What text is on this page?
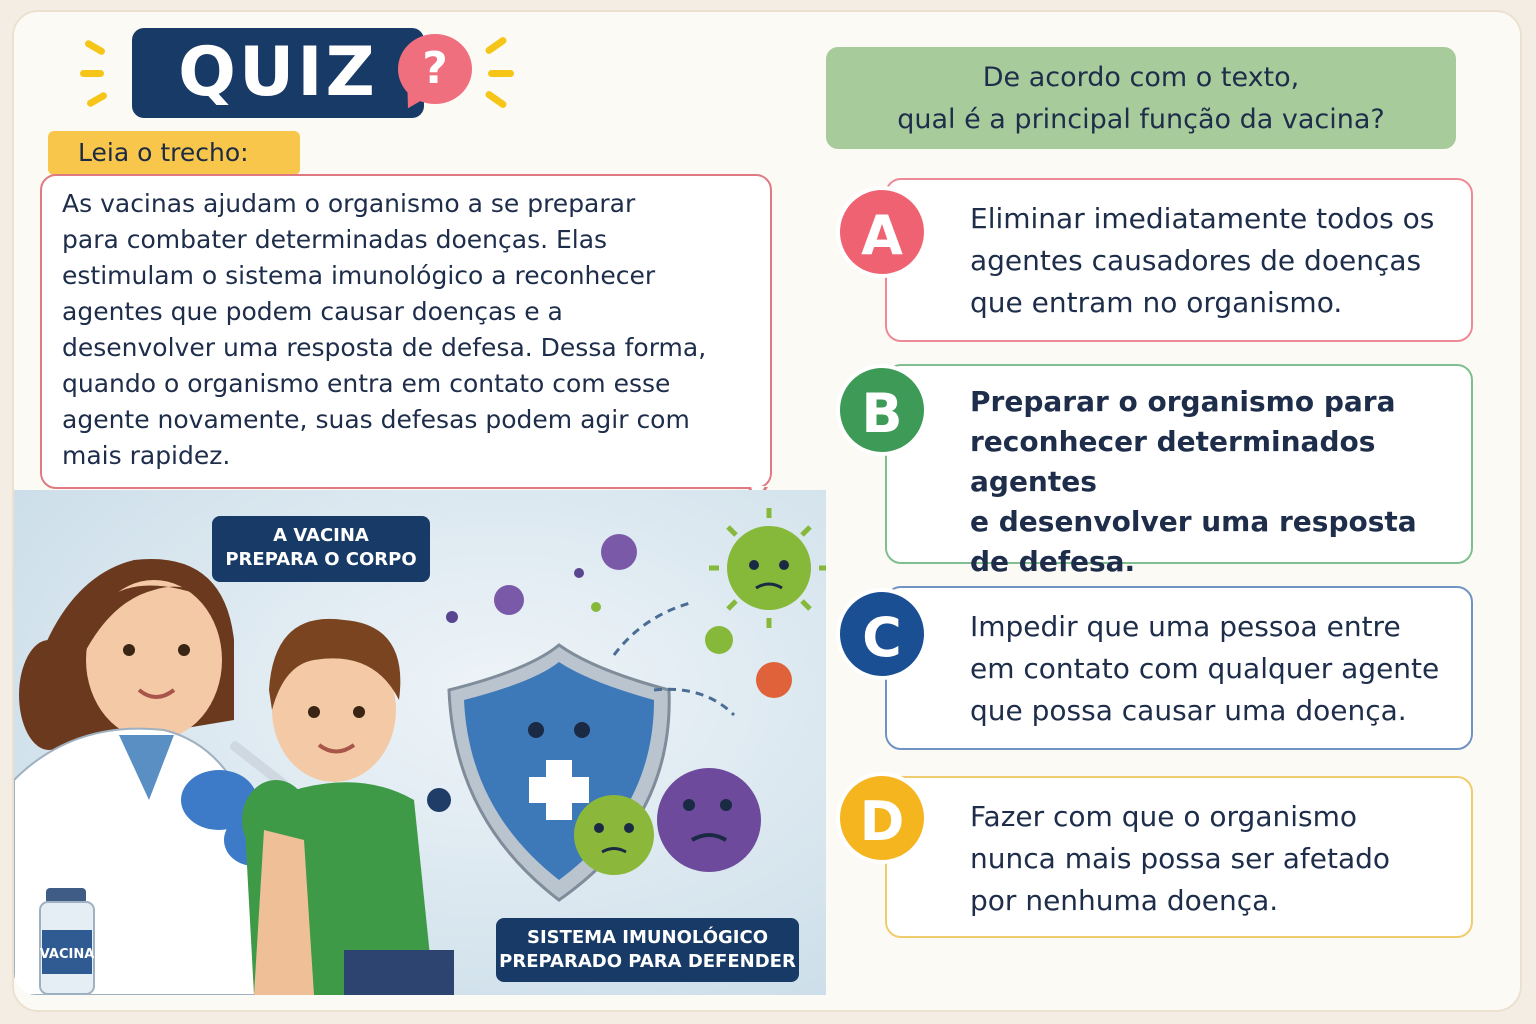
QUIZ	?
Leia o trecho:

As vacinas ajudam o organismo a se preparar
para combater determinadas doenças. Elas
estimulam o sistema imunológico a reconhecer
agentes que podem causar doenças e a
desenvolver uma resposta de defesa. Dessa forma,
quando o organismo entra em contato com esse
agente novamente, suas defesas podem agir com
mais rapidez.

VACINA
A VACINA
PREPARA O CORPO
SISTEMA IMUNOLÓGICO
PREPARADO PARA DEFENDER
De acordo com o texto,
qual é a principal função da vacina?
A	Eliminar imediatamente todos os
agentes causadores de doenças
que entram no organismo.

B	Preparar o organismo para
reconhecer determinados agentes
e desenvolver uma resposta
de defesa.

C	Impedir que uma pessoa entre
em contato com qualquer agente
que possa causar uma doença.

D	Fazer com que o organismo
nunca mais possa ser afetado
por nenhuma doença.
